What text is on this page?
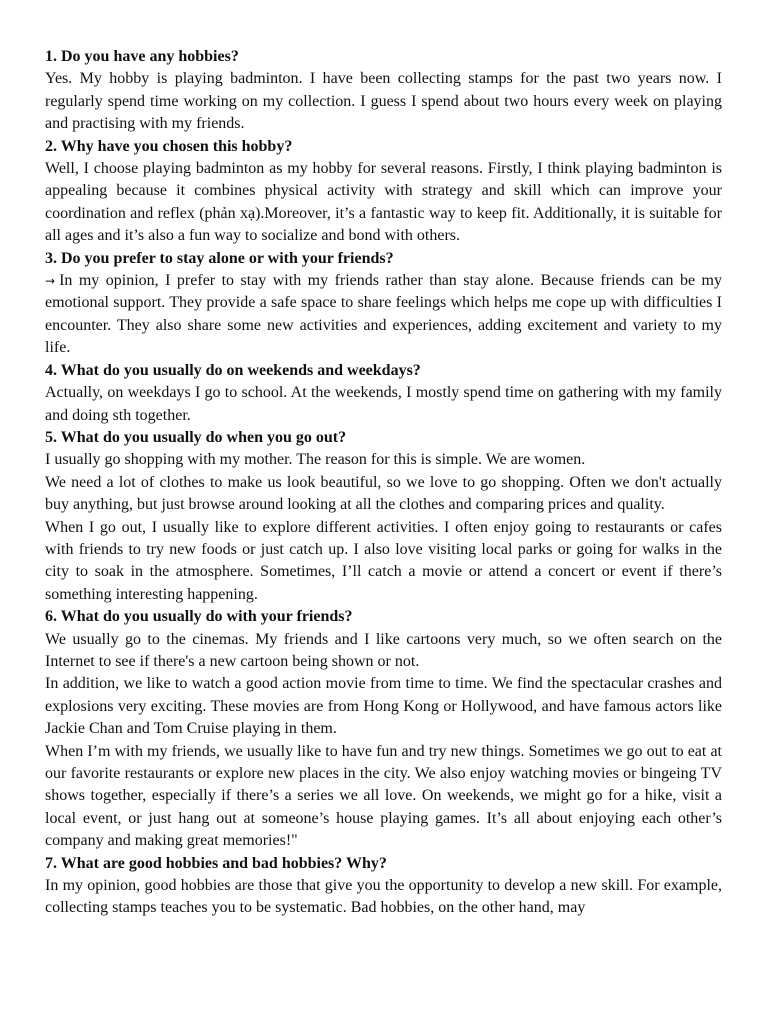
1. Do you have any hobbies?

Yes. My hobby is playing badminton. I have been collecting stamps for the past two years now. I regularly spend time working on my collection. I guess I spend about two hours every week on playing and practising with my friends.

2. Why have you chosen this hobby?

Well, I choose playing badminton as my hobby for several reasons. Firstly, I think playing badminton is appealing because it combines physical activity with strategy and skill which can improve your coordination and reflex (phản xạ).Moreover, it’s a fantastic way to keep fit. Additionally, it is suitable for all ages and it’s also a fun way to socialize and bond with others.

3. Do you prefer to stay alone or with your friends?

→ In my opinion, I prefer to stay with my friends rather than stay alone. Because friends can be my emotional support. They provide a safe space to share feelings which helps me cope up with difficulties I encounter. They also share some new activities and experiences, adding excitement and variety to my life.

4. What do you usually do on weekends and weekdays?

Actually, on weekdays I go to school. At the weekends, I mostly spend time on gathering with my family and doing sth together.

5. What do you usually do when you go out?

I usually go shopping with my mother. The reason for this is simple. We are women.

We need a lot of clothes to make us look beautiful, so we love to go shopping. Often we don't actually buy anything, but just browse around looking at all the clothes and comparing prices and quality.

When I go out, I usually like to explore different activities. I often enjoy going to restaurants or cafes with friends to try new foods or just catch up. I also love visiting local parks or going for walks in the city to soak in the atmosphere. Sometimes, I’ll catch a movie or attend a concert or event if there’s something interesting happening.

6. What do you usually do with your friends?

We usually go to the cinemas. My friends and I like cartoons very much, so we often search on the Internet to see if there's a new cartoon being shown or not.

In addition, we like to watch a good action movie from time to time. We find the spectacular crashes and explosions very exciting. These movies are from Hong Kong or Hollywood, and have famous actors like Jackie Chan and Tom Cruise playing in them.

When I’m with my friends, we usually like to have fun and try new things. Sometimes we go out to eat at our favorite restaurants or explore new places in the city. We also enjoy watching movies or bingeing TV shows together, especially if there’s a series we all love. On weekends, we might go for a hike, visit a local event, or just hang out at someone’s house playing games. It’s all about enjoying each other’s company and making great memories!"

7. What are good hobbies and bad hobbies? Why?

In my opinion, good hobbies are those that give you the opportunity to develop a new skill. For example, collecting stamps teaches you to be systematic. Bad hobbies, on the other hand, may
